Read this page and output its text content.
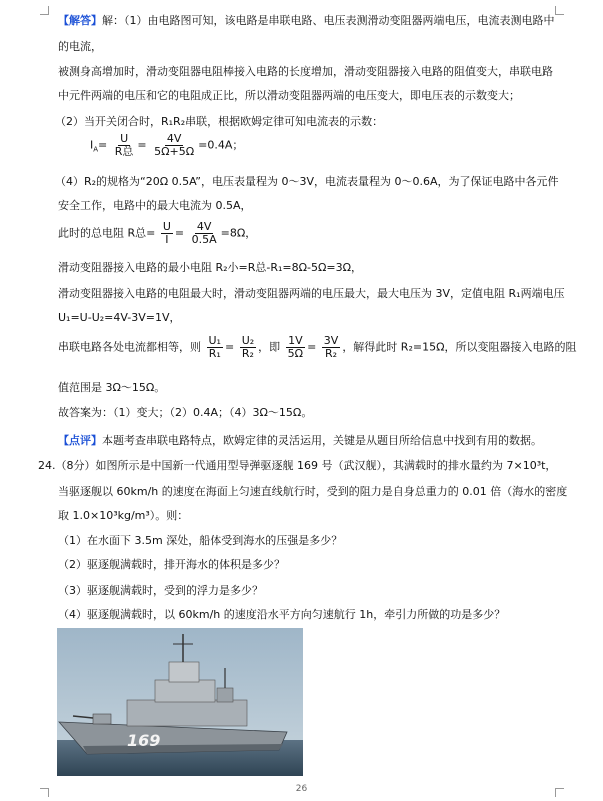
【解答】解：（1）由电路图可知，该电路是串联电路、电压表测滑动变阻器两端电压，电流表测电路中
的电流，
被测身高增加时，滑动变阻器电阻棒接入电路的长度增加，滑动变阻器接入电路的阻值变大，串联电路
中元件两端的电压和它的电阻成正比，所以滑动变阻器两端的电压变大，即电压表的示数变大；
（2）当开关闭合时，R₁R₂串联，根据欧姆定律可知电流表的示数：
$I_A= \frac{U}{\text{R总}} = \frac{4V}{5\Omega+5\Omega} =0.4A$；
（4）R₂的规格为“20Ω 0.5A”，电压表量程为 0～3V，电流表量程为 0～0.6A，为了保证电路中各元件
安全工作，电路中的最大电流为 0.5A，
此时的总电阻 R总= $\frac{U}{I} = \frac{4V}{0.5A} =8\Omega$，
滑动变阻器接入电路的最小电阻 R₂小=R总-R₁=8Ω-5Ω=3Ω，
滑动变阻器接入电路的电阻最大时，滑动变阻器两端的电压最大，最大电压为 3V，定值电阻 R₁两端电压
U₁=U-U₂=4V-3V=1V，
串联电路各处电流都相等，则 $\frac{\text{U₁}}{\text{R₁}} = \frac{\text{U₂}}{\text{R₂}}$ ，即 $\frac{1V}{5\Omega} = \frac{3V}{\text{R₂}}$ ，解得此时 R₂=15Ω，所以变阻器接入电路的阻
值范围是 3Ω～15Ω。
故答案为：（1）变大；（2）0.4A；（4）3Ω～15Ω。
【点评】本题考查串联电路特点，欧姆定律的灵活运用，关键是从题目所给信息中找到有用的数据。
24.（8分）如图所示是中国新一代通用型导弹驱逐舰 169 号（武汉舰），其满载时的排水量约为 7×10³t，
当驱逐舰以 60km/h 的速度在海面上匀速直线航行时，受到的阻力是自身总重力的 0.01 倍（海水的密度
取 1.0×10³kg/m³）。则：
（1）在水面下 3.5m 深处，船体受到海水的压强是多少？
（2）驱逐舰满载时，排开海水的体积是多少？
（3）驱逐舰满载时，受到的浮力是多少？
（4）驱逐舰满载时，以 60km/h 的速度沿水平方向匀速航行 1h，牵引力所做的功是多少？
169
26
